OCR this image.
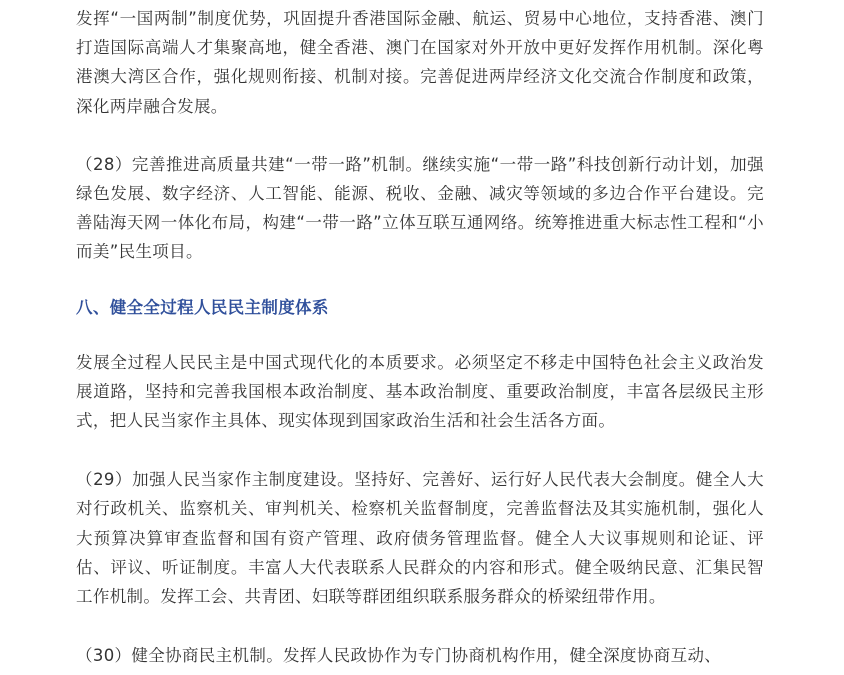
发挥“一国两制”制度优势，巩固提升香港国际金融、航运、贸易中心地位，支持香港、澳门打造国际高端人才集聚高地，健全香港、澳门在国家对外开放中更好发挥作用机制。深化粤港澳大湾区合作，强化规则衔接、机制对接。完善促进两岸经济文化交流合作制度和政策，深化两岸融合发展。

（28）完善推进高质量共建“一带一路”机制。继续实施“一带一路”科技创新行动计划，加强绿色发展、数字经济、人工智能、能源、税收、金融、减灾等领域的多边合作平台建设。完善陆海天网一体化布局，构建“一带一路”立体互联互通网络。统筹推进重大标志性工程和“小而美”民生项目。

八、健全全过程人民民主制度体系

发展全过程人民民主是中国式现代化的本质要求。必须坚定不移走中国特色社会主义政治发展道路，坚持和完善我国根本政治制度、基本政治制度、重要政治制度，丰富各层级民主形式，把人民当家作主具体、现实体现到国家政治生活和社会生活各方面。

（29）加强人民当家作主制度建设。坚持好、完善好、运行好人民代表大会制度。健全人大对行政机关、监察机关、审判机关、检察机关监督制度，完善监督法及其实施机制，强化人大预算决算审查监督和国有资产管理、政府债务管理监督。健全人大议事规则和论证、评估、评议、听证制度。丰富人大代表联系人民群众的内容和形式。健全吸纳民意、汇集民智工作机制。发挥工会、共青团、妇联等群团组织联系服务群众的桥梁纽带作用。

（30）健全协商民主机制。发挥人民政协作为专门协商机构作用，健全深度协商互动、
